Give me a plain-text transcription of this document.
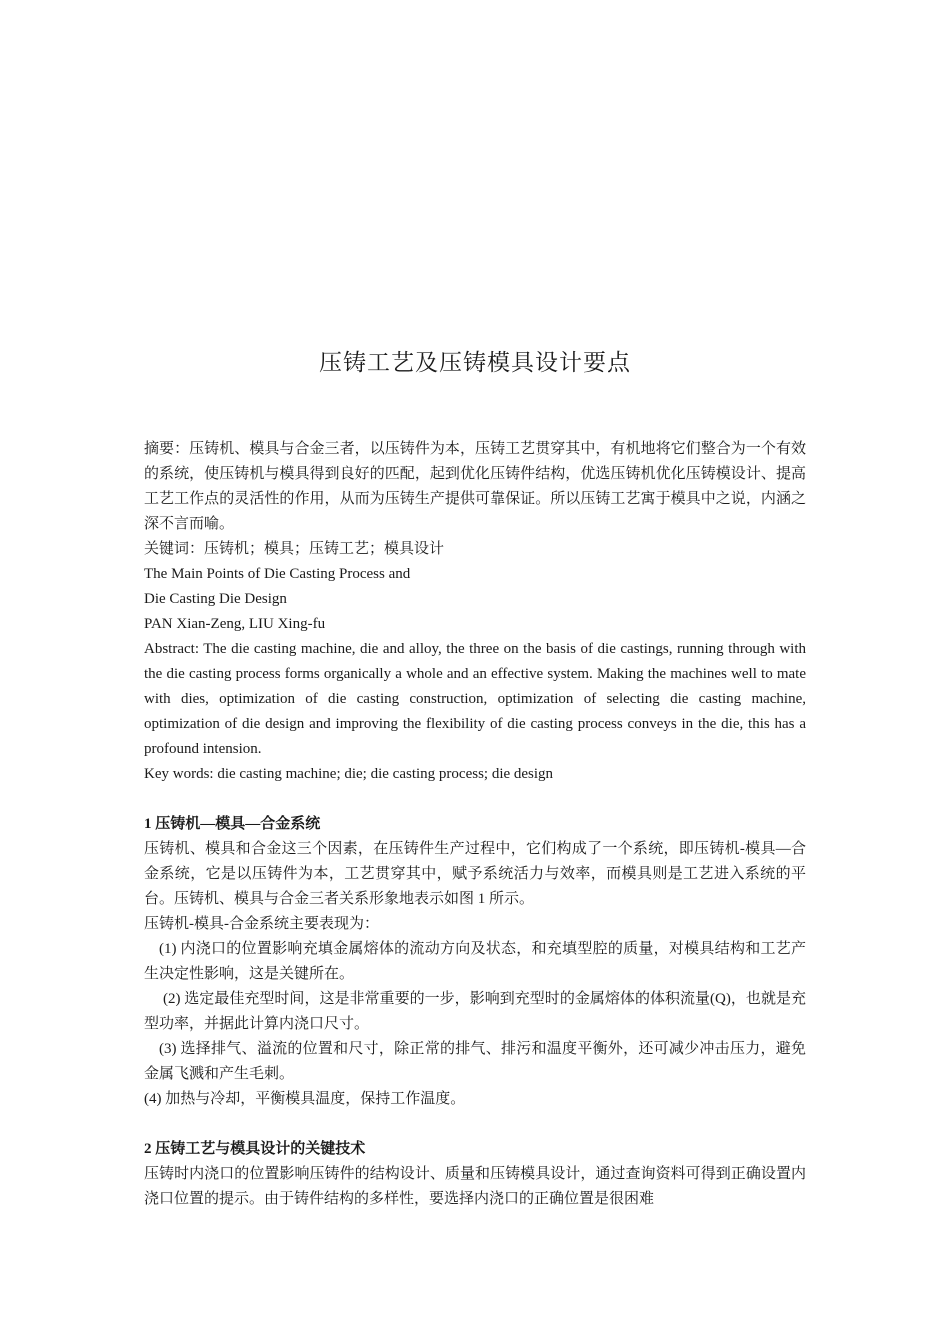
压铸工艺及压铸模具设计要点

摘要：压铸机、模具与合金三者，以压铸件为本，压铸工艺贯穿其中，有机地将它们整合为一个有效的系统，使压铸机与模具得到良好的匹配，起到优化压铸件结构，优选压铸机优化压铸模设计、提高工艺工作点的灵活性的作用，从而为压铸生产提供可靠保证。所以压铸工艺寓于模具中之说，内涵之深不言而喻。

关键词：压铸机；模具；压铸工艺；模具设计

The Main Points of Die Casting Process and

Die Casting Die Design

PAN Xian-Zeng, LIU Xing-fu

Abstract: The die casting machine, die and alloy, the three on the basis of die castings, running through with the die casting process forms organically a whole and an effective system. Making the machines well to mate with dies, optimization of die casting construction, optimization of selecting die casting machine, optimization of die design and improving the flexibility of die casting process conveys in the die, this has a profound intension.

Key words: die casting machine; die; die casting process; die design

1 压铸机—模具—合金系统

压铸机、模具和合金这三个因素，在压铸件生产过程中，它们构成了一个系统，即压铸机-模具—合金系统，它是以压铸件为本，工艺贯穿其中，赋予系统活力与效率，而模具则是工艺进入系统的平台。压铸机、模具与合金三者关系形象地表示如图 1 所示。

压铸机-模具-合金系统主要表现为：

(1) 内浇口的位置影响充填金属熔体的流动方向及状态，和充填型腔的质量，对模具结构和工艺产生决定性影响，这是关键所在。

(2) 选定最佳充型时间，这是非常重要的一步，影响到充型时的金属熔体的体积流量(Q)，也就是充型功率，并据此计算内浇口尺寸。

(3) 选择排气、溢流的位置和尺寸，除正常的排气、排污和温度平衡外，还可减少冲击压力，避免金属飞溅和产生毛刺。

(4) 加热与冷却，平衡模具温度，保持工作温度。

2 压铸工艺与模具设计的关键技术

压铸时内浇口的位置影响压铸件的结构设计、质量和压铸模具设计，通过查询资料可得到正确设置内浇口位置的提示。由于铸件结构的多样性，要选择内浇口的正确位置是很困难
